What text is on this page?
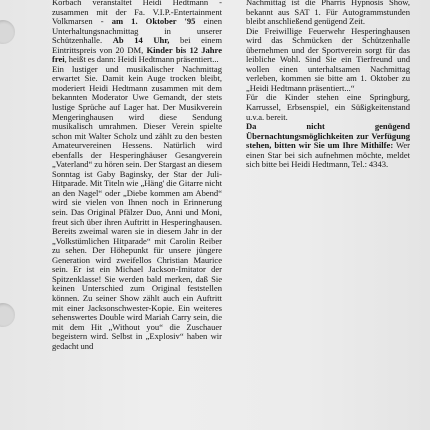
Korbach veranstaltet Heidi Hedtmann - zusammen mit der Fa. V.I.P.-Entertainment Volkmarsen - am 1. Oktober '95 einen Unterhaltungsnachmittag in unserer Schützenhalle. Ab 14 Uhr, bei einem Eintrittspreis von 20 DM, Kinder bis 12 Jahre frei, heißt es dann: Heidi Hedtmann präsentiert...

Ein lustiger und musikalischer Nachmittag erwartet Sie. Damit kein Auge trocken bleibt, moderiert Heidi Hedtmann zusammen mit dem bekannten Moderator Uwe Gemandt, der stets lustige Sprüche auf Lager hat. Der Musikverein Mengeringhausen wird diese Sendung musikalisch umrahmen. Dieser Verein spielte schon mit Walter Scholz und zählt zu den besten Amateurvereinen Hessens. Natürlich wird ebenfalls der Hesperinghäuser Gesangverein „Vaterland“ zu hören sein. Der Stargast an diesem Sonntag ist Gaby Baginsky, der Star der Juli-Hitparade. Mit Titeln wie „Häng' die Gitarre nicht an den Nagel“ oder „Diebe kommen am Abend“ wird sie vielen von Ihnen noch in Erinnerung sein. Das Original Pfälzer Duo, Anni und Moni, freut sich über ihren Auftritt in Hesperinghausen. Bereits zweimal waren sie in diesem Jahr in der „Volkstümlichen Hitparade“ mit Carolin Reiber zu sehen. Der Höhepunkt für unsere jüngere Generation wird zweifellos Christian Maurice sein. Er ist ein Michael Jackson-Imitator der Spitzenklasse! Sie werden bald merken, daß Sie keinen Unterschied zum Original feststellen können. Zu seiner Show zählt auch ein Auftritt mit einer Jacksonschwester-Kopie. Ein weiteres sehenswertes Double wird Mariah Carry sein, die mit dem Hit „Without you“ die Zuschauer begeistern wird. Selbst in „Explosiv“ haben wir gedacht und

Nachmittag ist die Pharris Hypnosis Show, bekannt aus SAT 1. Für Autogrammstunden bleibt anschließend genügend Zeit.

Die Freiwillige Feuerwehr Hesperinghausen wird das Schmücken der Schützenhalle übernehmen und der Sportverein sorgt für das leibliche Wohl. Sind Sie ein Tierfreund und wollen einen unterhaltsamen Nachmittag verleben, kommen sie bitte am 1. Oktober zu „Heidi Hedtmann präsentiert...“

Für die Kinder stehen eine Springburg, Karrussel, Erbsenspiel, ein Süßigkeitenstand u.v.a. bereit.

Da nicht genügend Übernachtungsmöglichkeiten zur Verfügung stehen, bitten wir Sie um Ihre Mithilfe: Wer einen Star bei sich aufnehmen möchte, meldet sich bitte bei Heidi Hedtmann, Tel.: 4343.
